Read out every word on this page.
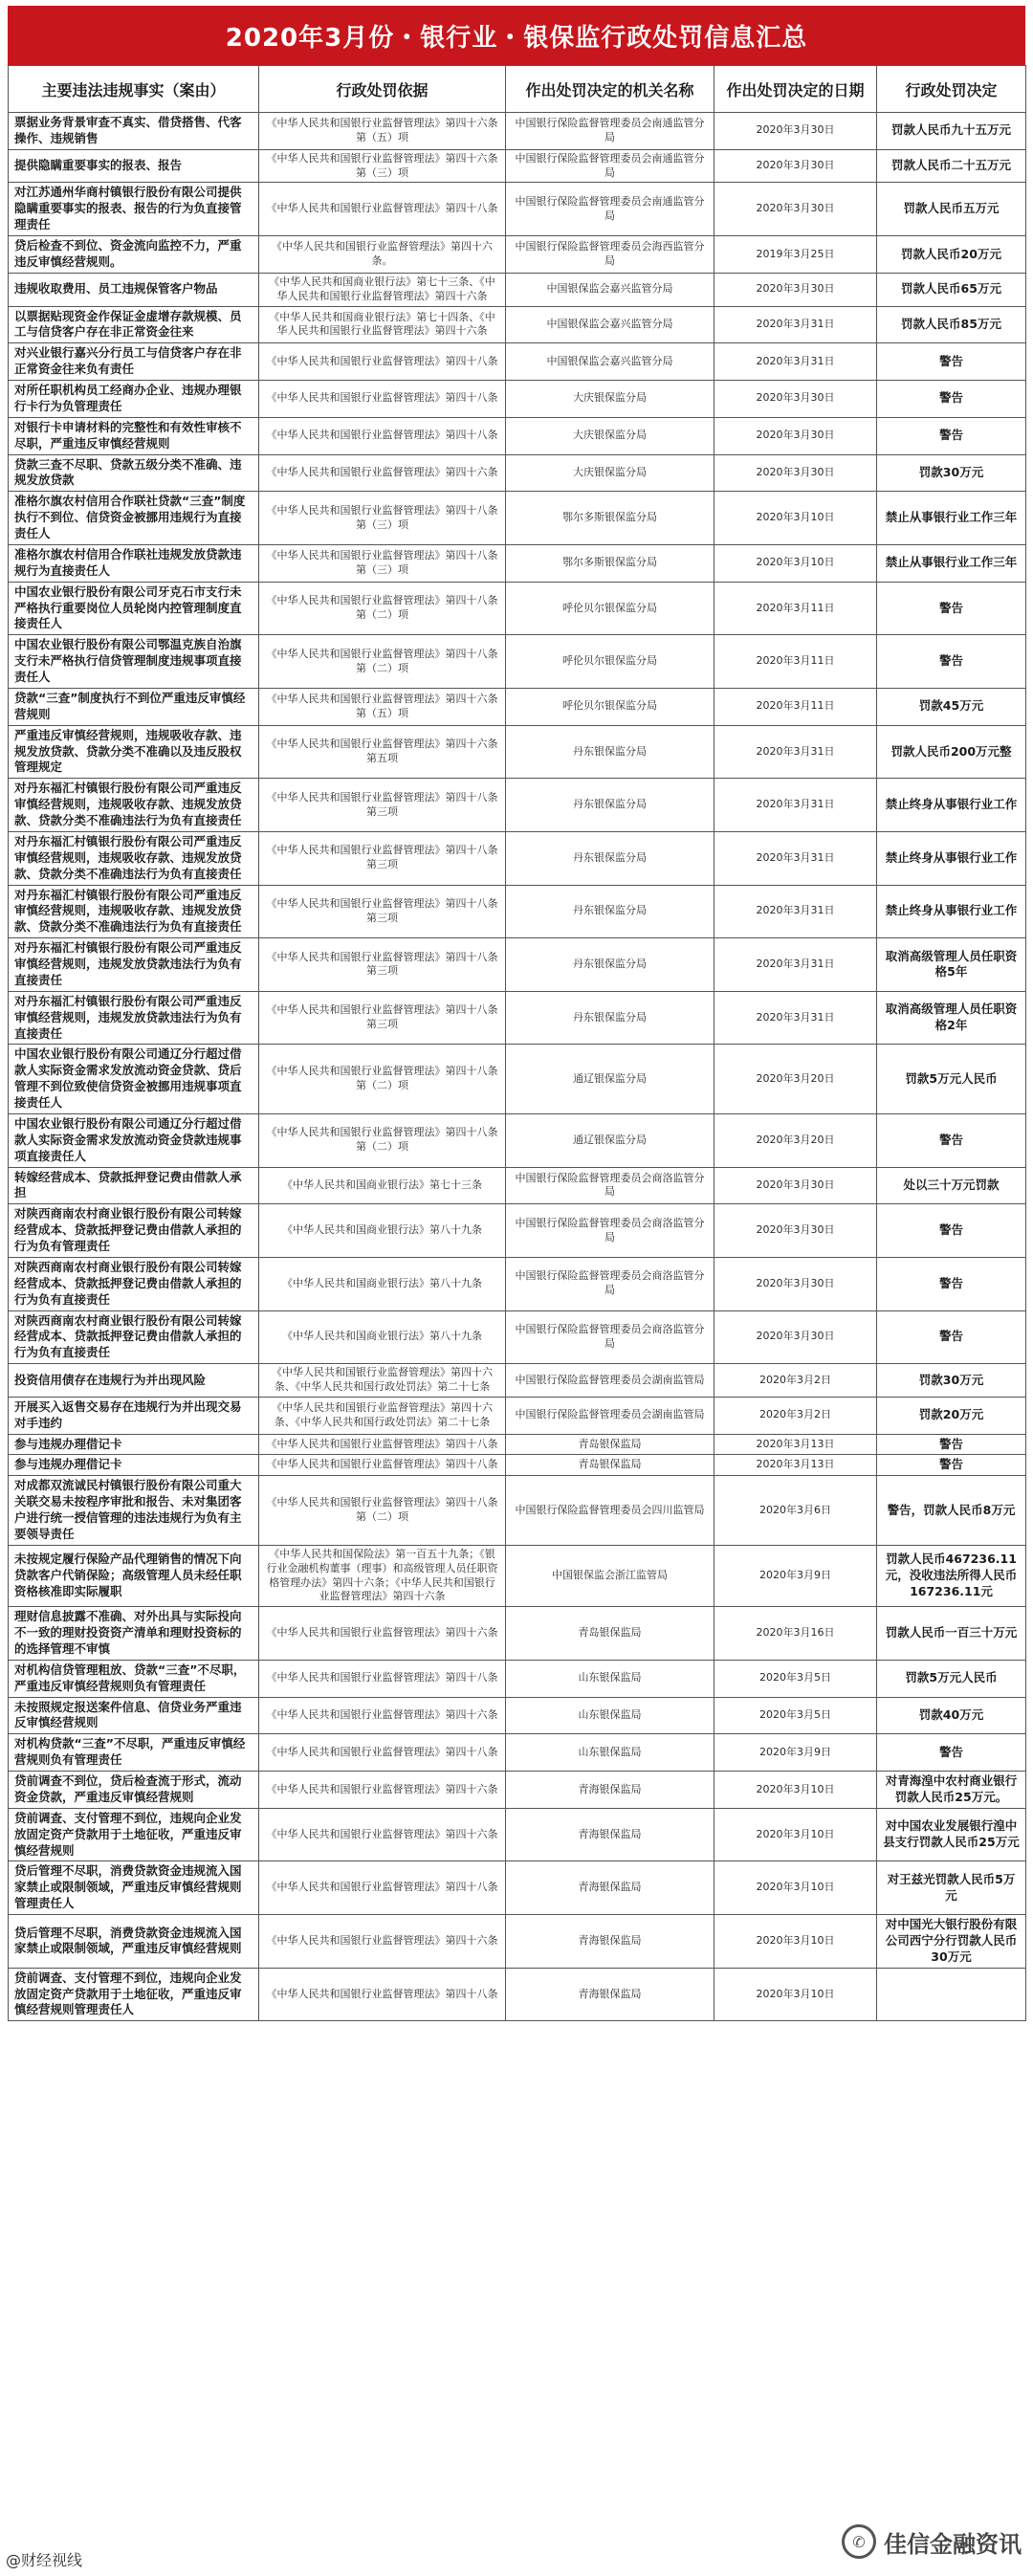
2020年3月份・银行业・银保监行政处罚信息汇总
主要违法违规事实（案由）	行政处罚依据	作出处罚决定的机关名称	作出处罚决定的日期	行政处罚决定
票据业务背景审查不真实、借贷搭售、代客操作、违规销售	《中华人民共和国银行业监督管理法》第四十六条第（五）项	中国银行保险监督管理委员会南通监管分局	2020年3月30日	罚款人民币九十五万元
提供隐瞒重要事实的报表、报告	《中华人民共和国银行业监督管理法》第四十六条第（三）项	中国银行保险监督管理委员会南通监管分局	2020年3月30日	罚款人民币二十五万元
对江苏通州华商村镇银行股份有限公司提供隐瞒重要事实的报表、报告的行为负直接管理责任	《中华人民共和国银行业监督管理法》第四十八条	中国银行保险监督管理委员会南通监管分局	2020年3月30日	罚款人民币五万元
贷后检查不到位、资金流向监控不力，严重违反审慎经营规则。	《中华人民共和国银行业监督管理法》第四十六条。	中国银行保险监督管理委员会海西监管分局	2019年3月25日	罚款人民币20万元
违规收取费用、员工违规保管客户物品	《中华人民共和国商业银行法》第七十三条、《中华人民共和国银行业监督管理法》第四十六条	中国银保监会嘉兴监管分局	2020年3月30日	罚款人民币65万元
以票据贴现资金作保证金虚增存款规模、员工与信贷客户存在非正常资金往来	《中华人民共和国商业银行法》第七十四条、《中华人民共和国银行业监督管理法》第四十六条	中国银保监会嘉兴监管分局	2020年3月31日	罚款人民币85万元
对兴业银行嘉兴分行员工与信贷客户存在非正常资金往来负有责任	《中华人民共和国银行业监督管理法》第四十八条	中国银保监会嘉兴监管分局	2020年3月31日	警告
对所任职机构员工经商办企业、违规办理银行卡行为负管理责任	《中华人民共和国银行业监督管理法》第四十八条	大庆银保监分局	2020年3月30日	警告
对银行卡申请材料的完整性和有效性审核不尽职，严重违反审慎经营规则	《中华人民共和国银行业监督管理法》第四十八条	大庆银保监分局	2020年3月30日	警告
贷款三查不尽职、贷款五级分类不准确、违规发放贷款	《中华人民共和国银行业监督管理法》第四十六条	大庆银保监分局	2020年3月30日	罚款30万元
准格尔旗农村信用合作联社贷款“三查”制度执行不到位、信贷资金被挪用违规行为直接责任人	《中华人民共和国银行业监督管理法》第四十八条第（三）项	鄂尔多斯银保监分局	2020年3月10日	禁止从事银行业工作三年
准格尔旗农村信用合作联社违规发放贷款违规行为直接责任人	《中华人民共和国银行业监督管理法》第四十八条第（三）项	鄂尔多斯银保监分局	2020年3月10日	禁止从事银行业工作三年
中国农业银行股份有限公司牙克石市支行未严格执行重要岗位人员轮岗内控管理制度直接责任人	《中华人民共和国银行业监督管理法》第四十八条第（二）项	呼伦贝尔银保监分局	2020年3月11日	警告
中国农业银行股份有限公司鄂温克族自治旗支行未严格执行信贷管理制度违规事项直接责任人	《中华人民共和国银行业监督管理法》第四十八条第（二）项	呼伦贝尔银保监分局	2020年3月11日	警告
贷款“三查”制度执行不到位严重违反审慎经营规则	《中华人民共和国银行业监督管理法》第四十六条第（五）项	呼伦贝尔银保监分局	2020年3月11日	罚款45万元
严重违反审慎经营规则，违规吸收存款、违规发放贷款、贷款分类不准确以及违反股权管理规定	《中华人民共和国银行业监督管理法》第四十六条第五项	丹东银保监分局	2020年3月31日	罚款人民币200万元整
对丹东福汇村镇银行股份有限公司严重违反审慎经营规则，违规吸收存款、违规发放贷款、贷款分类不准确违法行为负有直接责任	《中华人民共和国银行业监督管理法》第四十八条第三项	丹东银保监分局	2020年3月31日	禁止终身从事银行业工作
对丹东福汇村镇银行股份有限公司严重违反审慎经营规则，违规吸收存款、违规发放贷款、贷款分类不准确违法行为负有直接责任	《中华人民共和国银行业监督管理法》第四十八条第三项	丹东银保监分局	2020年3月31日	禁止终身从事银行业工作
对丹东福汇村镇银行股份有限公司严重违反审慎经营规则，违规吸收存款、违规发放贷款、贷款分类不准确违法行为负有直接责任	《中华人民共和国银行业监督管理法》第四十八条第三项	丹东银保监分局	2020年3月31日	禁止终身从事银行业工作
对丹东福汇村镇银行股份有限公司严重违反审慎经营规则，违规发放贷款违法行为负有直接责任	《中华人民共和国银行业监督管理法》第四十八条第三项	丹东银保监分局	2020年3月31日	取消高级管理人员任职资格5年
对丹东福汇村镇银行股份有限公司严重违反审慎经营规则，违规发放贷款违法行为负有直接责任	《中华人民共和国银行业监督管理法》第四十八条第三项	丹东银保监分局	2020年3月31日	取消高级管理人员任职资格2年
中国农业银行股份有限公司通辽分行超过借款人实际资金需求发放流动资金贷款、贷后管理不到位致使信贷资金被挪用违规事项直接责任人	《中华人民共和国银行业监督管理法》第四十八条第（二）项	通辽银保监分局	2020年3月20日	罚款5万元人民币
中国农业银行股份有限公司通辽分行超过借款人实际资金需求发放流动资金贷款违规事项直接责任人	《中华人民共和国银行业监督管理法》第四十八条第（二）项	通辽银保监分局	2020年3月20日	警告
转嫁经营成本、贷款抵押登记费由借款人承担	《中华人民共和国商业银行法》第七十三条	中国银行保险监督管理委员会商洛监管分局	2020年3月30日	处以三十万元罚款
对陕西商南农村商业银行股份有限公司转嫁经营成本、贷款抵押登记费由借款人承担的行为负有管理责任	《中华人民共和国商业银行法》第八十九条	中国银行保险监督管理委员会商洛监管分局	2020年3月30日	警告
对陕西商南农村商业银行股份有限公司转嫁经营成本、贷款抵押登记费由借款人承担的行为负有直接责任	《中华人民共和国商业银行法》第八十九条	中国银行保险监督管理委员会商洛监管分局	2020年3月30日	警告
对陕西商南农村商业银行股份有限公司转嫁经营成本、贷款抵押登记费由借款人承担的行为负有直接责任	《中华人民共和国商业银行法》第八十九条	中国银行保险监督管理委员会商洛监管分局	2020年3月30日	警告
投资信用债存在违规行为并出现风险	《中华人民共和国银行业监督管理法》第四十六条、《中华人民共和国行政处罚法》第二十七条	中国银行保险监督管理委员会湖南监管局	2020年3月2日	罚款30万元
开展买入返售交易存在违规行为并出现交易对手违约	《中华人民共和国银行业监督管理法》第四十六条、《中华人民共和国行政处罚法》第二十七条	中国银行保险监督管理委员会湖南监管局	2020年3月2日	罚款20万元
参与违规办理借记卡	《中华人民共和国银行业监督管理法》第四十八条	青岛银保监局	2020年3月13日	警告
参与违规办理借记卡	《中华人民共和国银行业监督管理法》第四十八条	青岛银保监局	2020年3月13日	警告
对成都双流诚民村镇银行股份有限公司重大关联交易未按程序审批和报告、未对集团客户进行统一授信管理的违法违规行为负有主要领导责任	《中华人民共和国银行业监督管理法》第四十八条第（二）项	中国银行保险监督管理委员会四川监管局	2020年3月6日	警告，罚款人民币8万元
未按规定履行保险产品代理销售的情况下向贷款客户代销保险；高级管理人员未经任职资格核准即实际履职	《中华人民共和国保险法》第一百五十九条；《银行业金融机构董事（理事）和高级管理人员任职资格管理办法》第四十六条；《中华人民共和国银行业监督管理法》第四十六条	中国银保监会浙江监管局	2020年3月9日	罚款人民币467236.11元，没收违法所得人民币167236.11元
理财信息披露不准确、对外出具与实际投向不一致的理财投资资产清单和理财投资标的的选择管理不审慎	《中华人民共和国银行业监督管理法》第四十六条	青岛银保监局	2020年3月16日	罚款人民币一百三十万元
对机构信贷管理粗放、贷款“三查”不尽职，严重违反审慎经营规则负有管理责任	《中华人民共和国银行业监督管理法》第四十八条	山东银保监局	2020年3月5日	罚款5万元人民币
未按照规定报送案件信息、信贷业务严重违反审慎经营规则	《中华人民共和国银行业监督管理法》第四十六条	山东银保监局	2020年3月5日	罚款40万元
对机构贷款“三查”不尽职，严重违反审慎经营规则负有管理责任	《中华人民共和国银行业监督管理法》第四十八条	山东银保监局	2020年3月9日	警告
贷前调查不到位，贷后检查流于形式，流动资金贷款，严重违反审慎经营规则	《中华人民共和国银行业监督管理法》第四十六条	青海银保监局	2020年3月10日	对青海湟中农村商业银行罚款人民币25万元。
贷前调查、支付管理不到位，违规向企业发放固定资产贷款用于土地征收，严重违反审慎经营规则	《中华人民共和国银行业监督管理法》第四十六条	青海银保监局	2020年3月10日	对中国农业发展银行湟中县支行罚款人民币25万元
贷后管理不尽职，消费贷款资金违规流入国家禁止或限制领域，严重违反审慎经营规则管理责任人	《中华人民共和国银行业监督管理法》第四十八条	青海银保监局	2020年3月10日	对王兹光罚款人民币5万元
贷后管理不尽职，消费贷款资金违规流入国家禁止或限制领域，严重违反审慎经营规则	《中华人民共和国银行业监督管理法》第四十六条	青海银保监局	2020年3月10日	对中国光大银行股份有限公司西宁分行罚款人民币30万元
贷前调查、支付管理不到位，违规向企业发放固定资产贷款用于土地征收，严重违反审慎经营规则管理责任人	《中华人民共和国银行业监督管理法》第四十八条	青海银保监局	2020年3月10日	
@财经视线
✆ 佳信金融资讯
